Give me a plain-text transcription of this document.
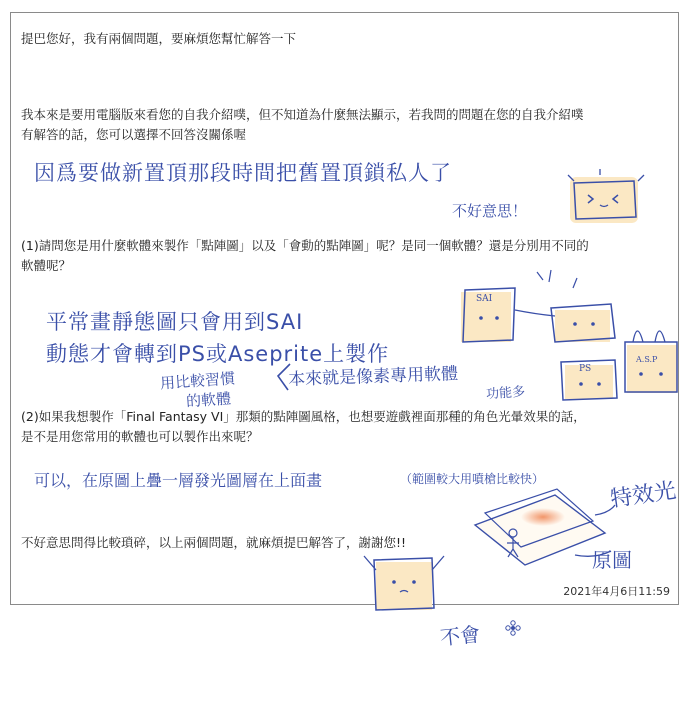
提巴您好，我有兩個問題，要麻煩您幫忙解答一下
我本來是要用電腦版來看您的自我介紹噗，但不知道為什麼無法顯示，若我問的問題在您的自我介紹噗
有解答的話，您可以選擇不回答沒關係喔
(1)請問您是用什麼軟體來製作「點陣圖」以及「會動的點陣圖」呢？是同一個軟體？還是分別用不同的
軟體呢？
(2)如果我想製作「Final Fantasy VI」那類的點陣圖風格，也想要遊戲裡面那種的角色光暈效果的話，
是不是用您常用的軟體也可以製作出來呢？
不好意思問得比較瑣碎，以上兩個問題，就麻煩提巴解答了，謝謝您!!
2021年4月6日11:59
因爲要做新置頂那段時間把舊置頂鎖私人了
不好意思！
平常畫靜態圖只會用到SAI
動態才會轉到PS或Aseprite上製作
用比較習慣
的軟體
本來就是像素專用軟體
功能多
可以，在原圖上疊一層發光圖層在上面畫	（範圍較大用噴槍比較快）	特效光
原圖
不會
SAI
PS
A.S.P
